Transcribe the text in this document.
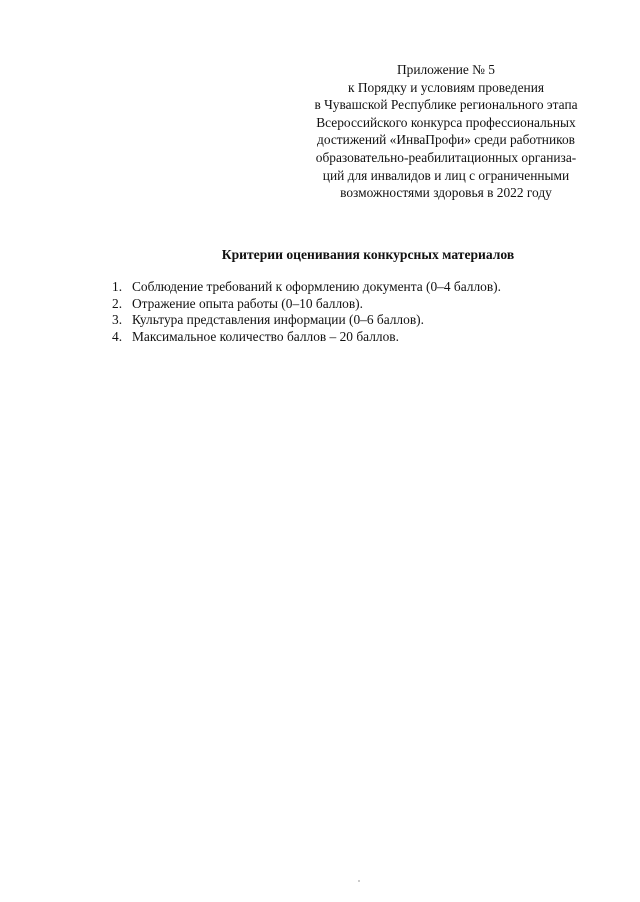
Приложение № 5
к Порядку и условиям проведения
в Чувашской Республике регионального этапа
Всероссийского конкурса профессиональных
достижений «ИнваПрофи» среди работников
образовательно-реабилитационных организа-
ций для инвалидов и лиц с ограниченными
возможностями здоровья в 2022 году
Критерии оценивания конкурсных материалов
1. Соблюдение требований к оформлению документа (0–4 баллов).
2. Отражение опыта работы (0–10 баллов).
3. Культура представления информации (0–6 баллов).
4. Максимальное количество баллов – 20 баллов.
